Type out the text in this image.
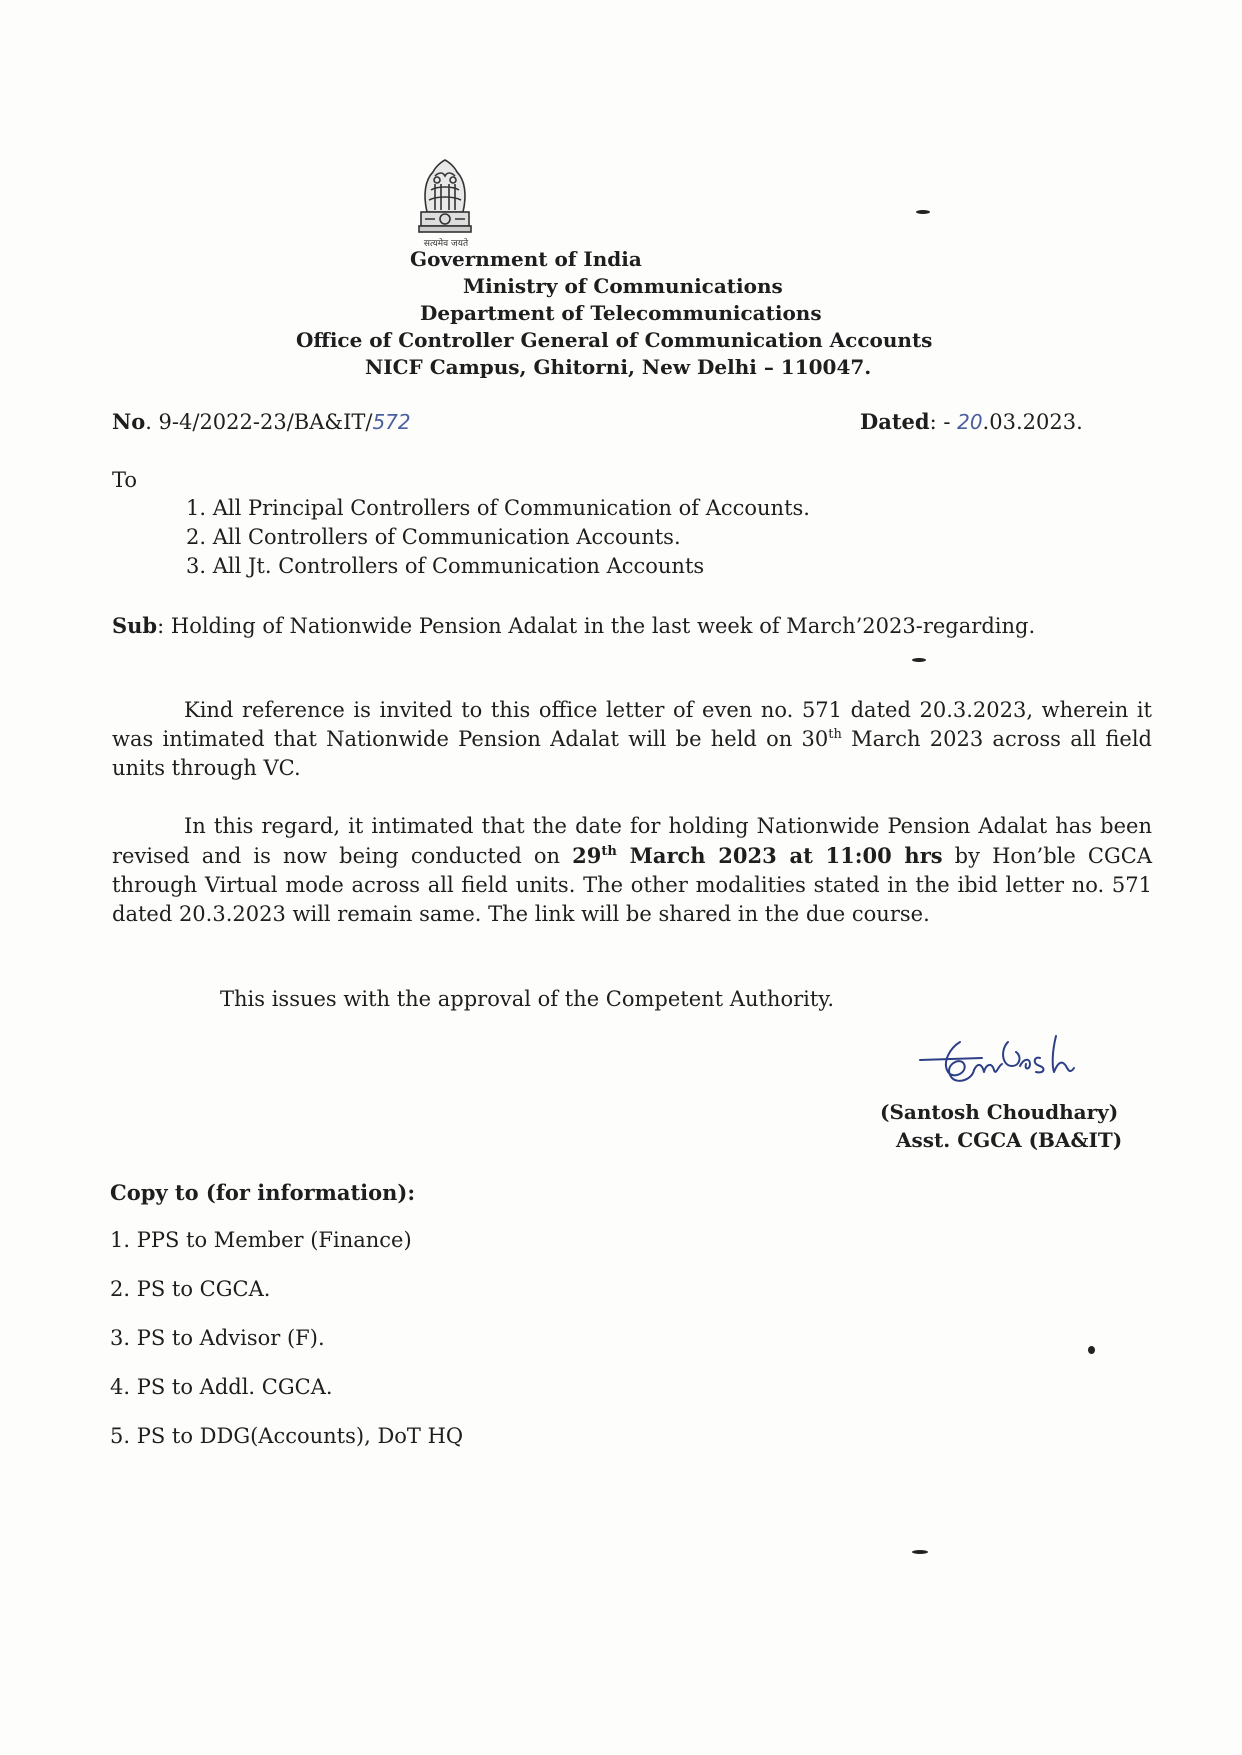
सत्यमेव जयते
Government of India
Ministry of Communications
Department of Telecommunications
Office of Controller General of Communication Accounts
NICF Campus, Ghitorni, New Delhi – 110047.
No. 9-4/2022-23/BA&IT/572	Dated: - 20.03.2023.
To
1. All Principal Controllers of Communication of Accounts.
2. All Controllers of Communication Accounts.
3. All Jt. Controllers of Communication Accounts
Sub: Holding of Nationwide Pension Adalat in the last week of March’2023-regarding.
Kind reference is invited to this office letter of even no. 571 dated 20.3.2023, wherein it was intimated that Nationwide Pension Adalat will be held on 30th March 2023 across all field units through VC.
In this regard, it intimated that the date for holding Nationwide Pension Adalat has been revised and is now being conducted on 29th March 2023 at 11:00 hrs by Hon’ble CGCA through Virtual mode across all field units. The other modalities stated in the ibid letter no. 571 dated 20.3.2023 will remain same. The link will be shared in the due course.
This issues with the approval of the Competent Authority.
(Santosh Choudhary)
Asst. CGCA (BA&IT)
Copy to (for information):
1. PPS to Member (Finance)
2. PS to CGCA.
3. PS to Advisor (F).
4. PS to Addl. CGCA.
5. PS to DDG(Accounts), DoT HQ
